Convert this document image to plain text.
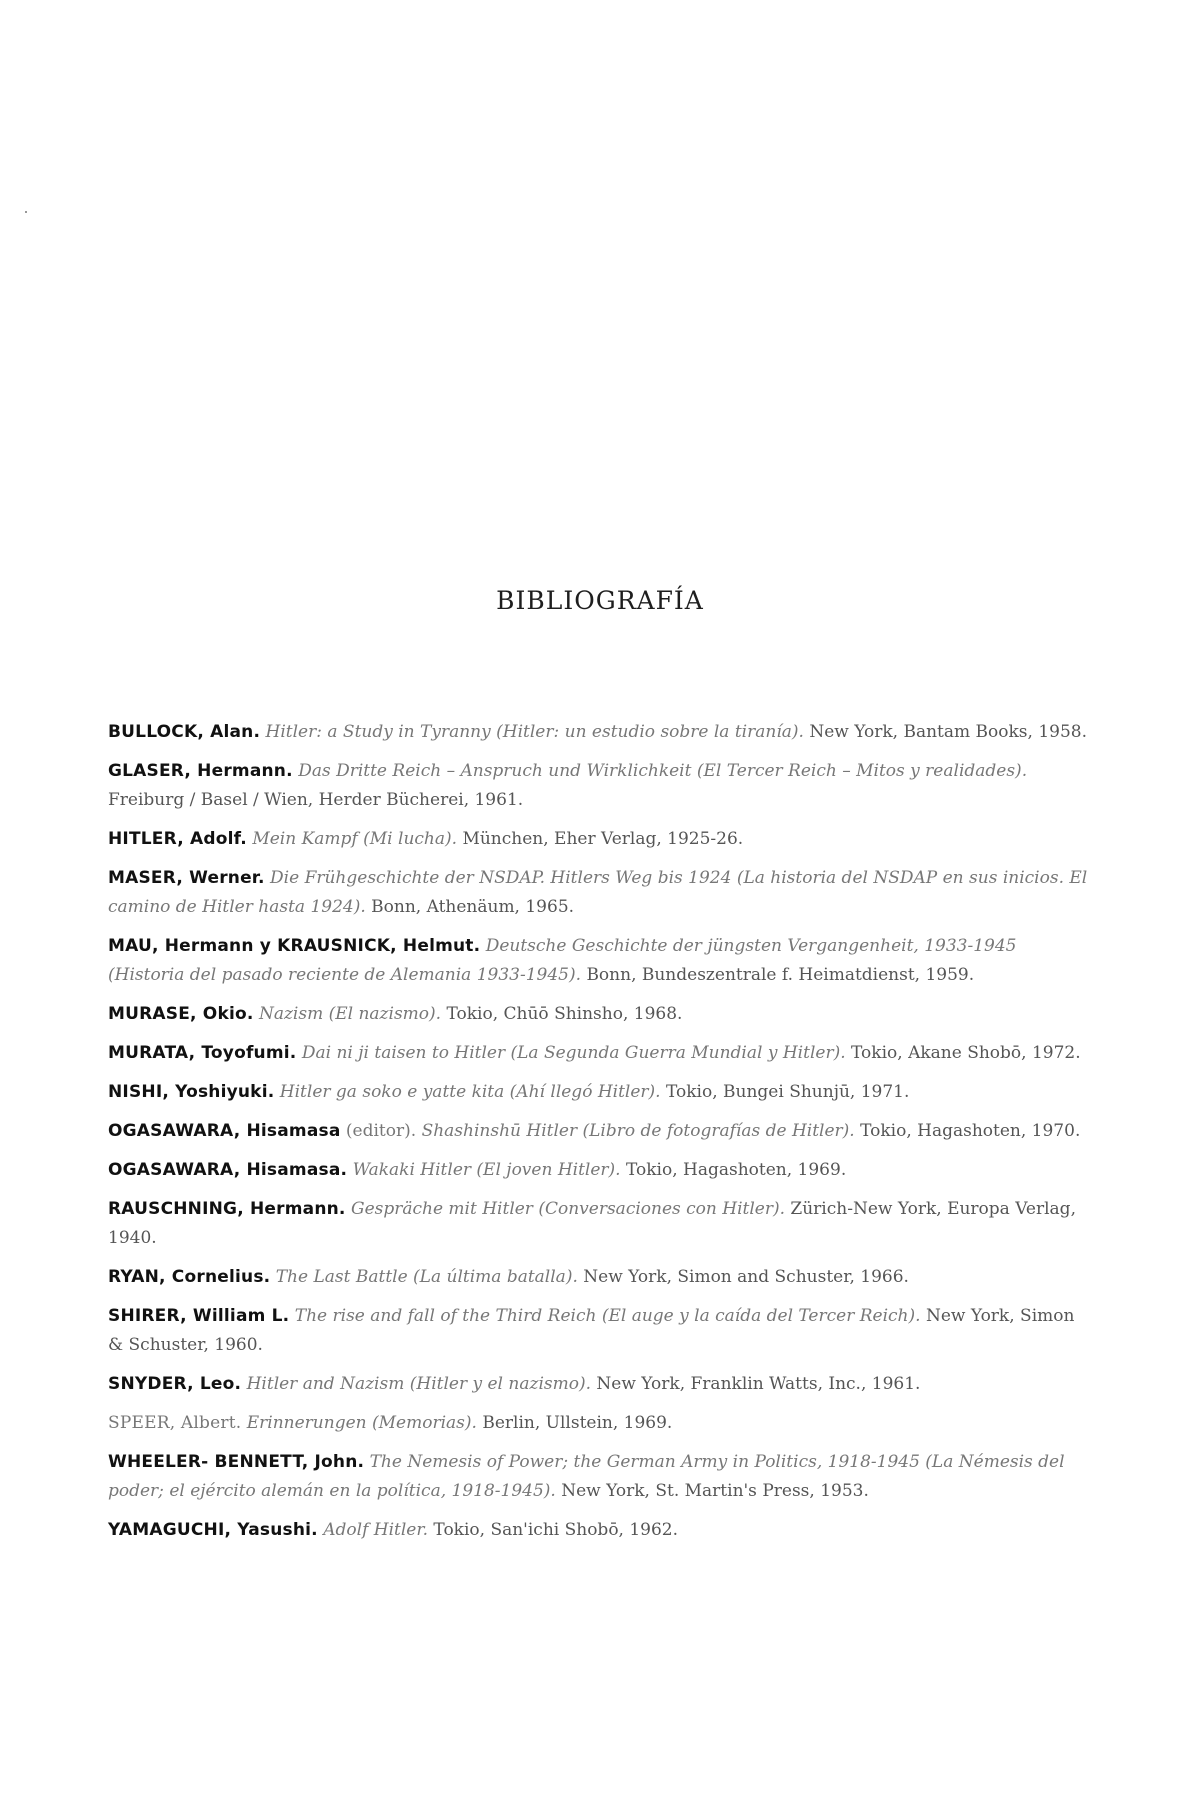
BIBLIOGRAFÍA

BULLOCK, Alan. Hitler: a Study in Tyranny (Hitler: un estudio sobre la tiranía). New York, Bantam Books, 1958.

GLASER, Hermann. Das Dritte Reich – Anspruch und Wirklichkeit (El Tercer Reich – Mitos y realidades). Freiburg / Basel / Wien, Herder Bücherei, 1961.

HITLER, Adolf. Mein Kampf (Mi lucha). München, Eher Verlag, 1925-26.

MASER, Werner. Die Frühgeschichte der NSDAP. Hitlers Weg bis 1924 (La historia del NSDAP en sus inicios. El camino de Hitler hasta 1924). Bonn, Athenäum, 1965.

MAU, Hermann y KRAUSNICK, Helmut. Deutsche Geschichte der jüngsten Vergangenheit, 1933-1945 (Historia del pasado reciente de Alemania 1933-1945). Bonn, Bundeszentrale f. Heimatdienst, 1959.

MURASE, Okio. Nazism (El nazismo). Tokio, Chūō Shinsho, 1968.

MURATA, Toyofumi. Dai ni ji taisen to Hitler (La Segunda Guerra Mundial y Hitler). Tokio, Akane Shobō, 1972.

NISHI, Yoshiyuki. Hitler ga soko e yatte kita (Ahí llegó Hitler). Tokio, Bungei Shunjū, 1971.

OGASAWARA, Hisamasa (editor). Shashinshū Hitler (Libro de fotografías de Hitler). Tokio, Hagashoten, 1970.

OGASAWARA, Hisamasa. Wakaki Hitler (El joven Hitler). Tokio, Hagashoten, 1969.

RAUSCHNING, Hermann. Gespräche mit Hitler (Conversaciones con Hitler). Zürich-New York, Europa Verlag, 1940.

RYAN, Cornelius. The Last Battle (La última batalla). New York, Simon and Schuster, 1966.

SHIRER, William L. The rise and fall of the Third Reich (El auge y la caída del Tercer Reich). New York, Simon & Schuster, 1960.

SNYDER, Leo. Hitler and Nazism (Hitler y el nazismo). New York, Franklin Watts, Inc., 1961.

SPEER, Albert. Erinnerungen (Memorias). Berlin, Ullstein, 1969.

WHEELER- BENNETT, John. The Nemesis of Power; the German Army in Politics, 1918-1945 (La Némesis del poder; el ejército alemán en la política, 1918-1945). New York, St. Martin's Press, 1953.

YAMAGUCHI, Yasushi. Adolf Hitler. Tokio, San'ichi Shobō, 1962.
